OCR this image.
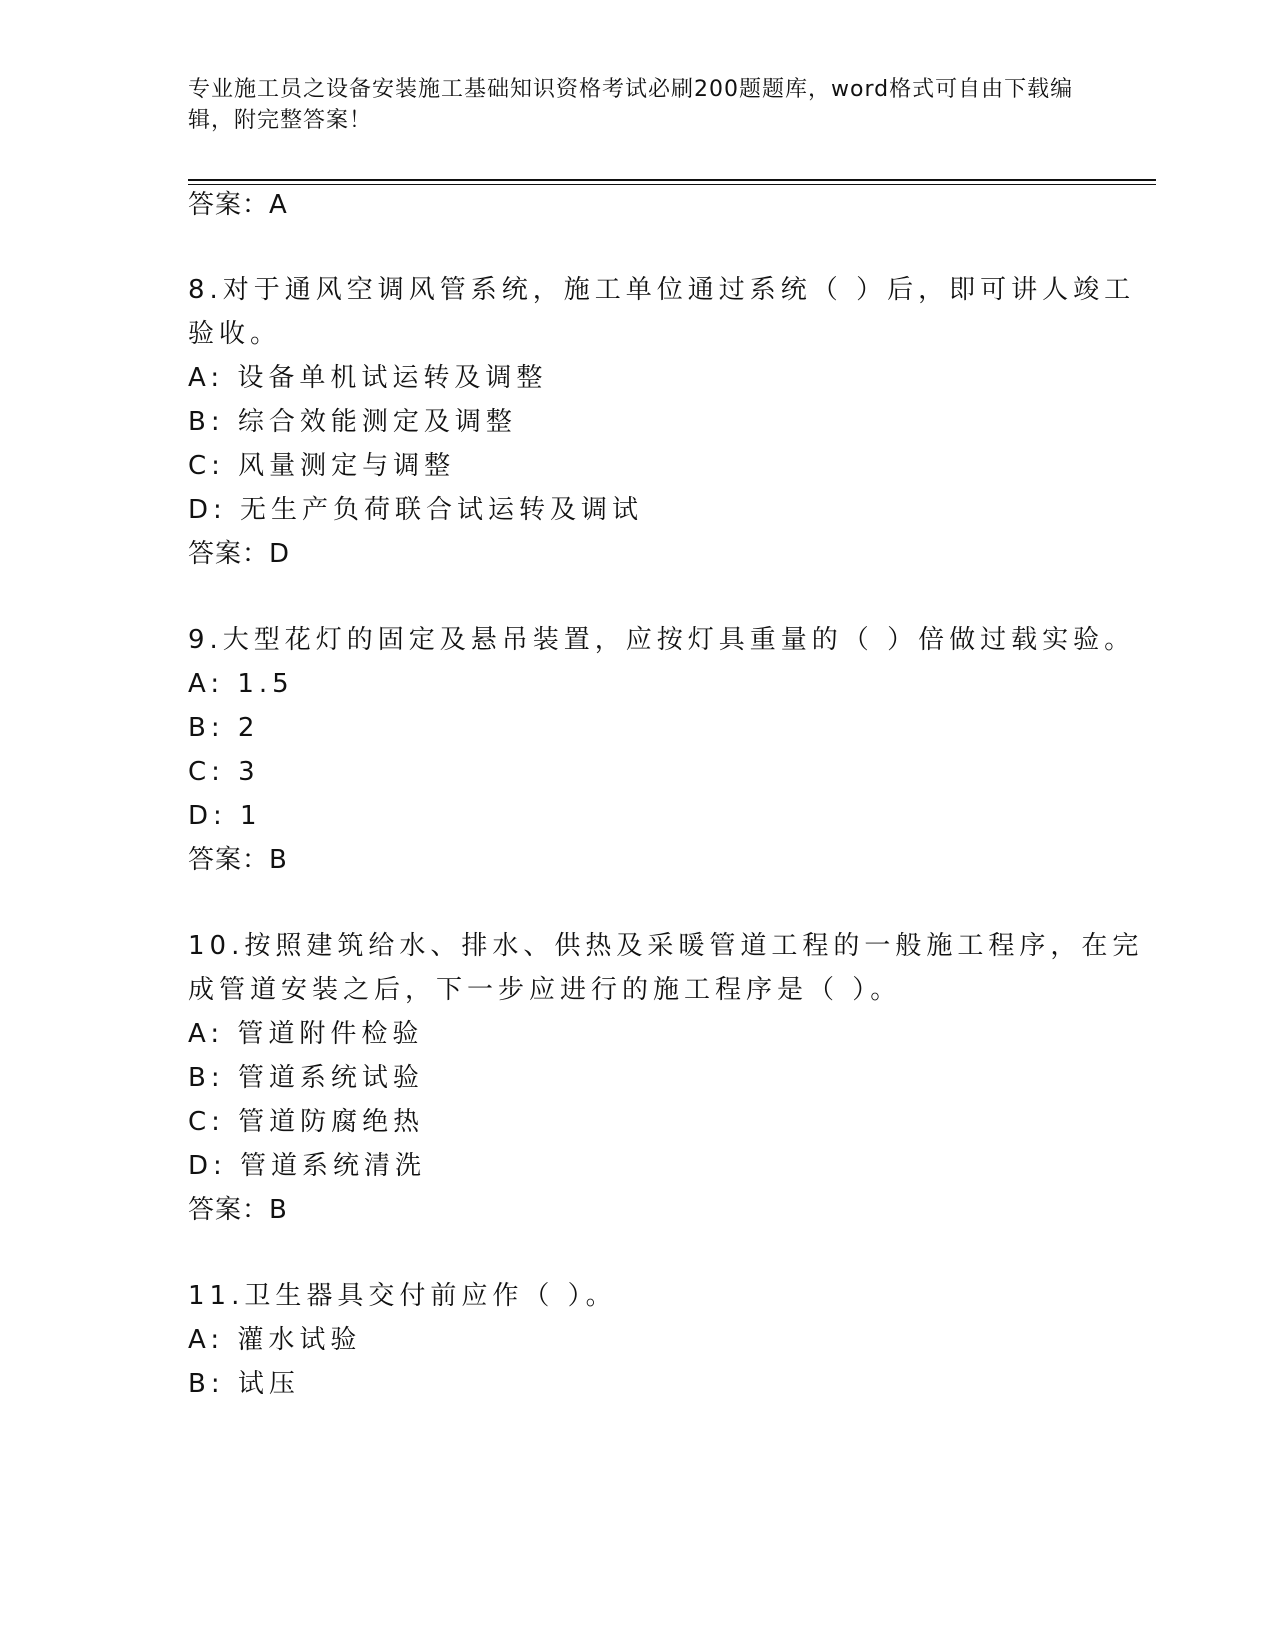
专业施工员之设备安装施工基础知识资格考试必刷200题题库，word格式可自由下载编辑，附完整答案！
答案：A
8.对于通风空调风管系统，施工单位通过系统（ ）后，即可讲人竣工
验收。
A: 设备单机试运转及调整
B: 综合效能测定及调整
C: 风量测定与调整
D: 无生产负荷联合试运转及调试
答案：D
9.大型花灯的固定及悬吊装置，应按灯具重量的（ ）倍做过载实验。
A: 1.5
B: 2
C: 3
D: 1
答案：B
10.按照建筑给水、排水、供热及采暖管道工程的一般施工程序，在完
成管道安装之后，下一步应进行的施工程序是（ ）。
A: 管道附件检验
B: 管道系统试验
C: 管道防腐绝热
D: 管道系统清洗
答案：B
11.卫生器具交付前应作（ ）。
A: 灌水试验
B: 试压
